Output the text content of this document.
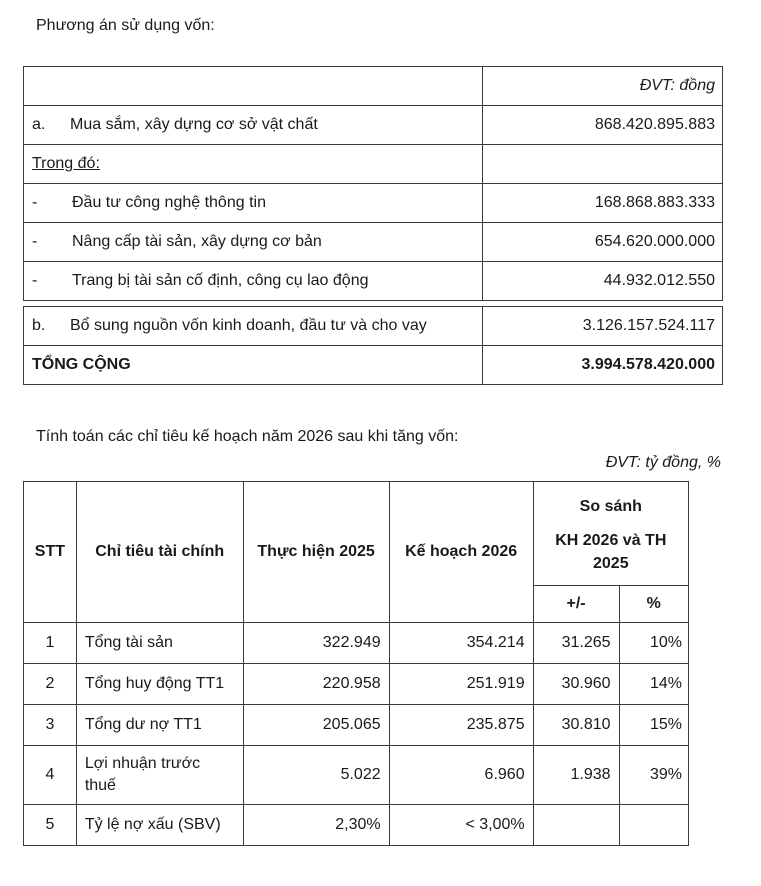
Phương án sử dụng vốn:
	ĐVT: đồng
a. Mua sắm, xây dựng cơ sở vật chất	868.420.895.883
Trong đó:	
- Đầu tư công nghệ thông tin	168.868.883.333
- Nâng cấp tài sản, xây dựng cơ bản	654.620.000.000
- Trang bị tài sản cố định, công cụ lao động	44.932.012.550

b. Bổ sung nguồn vốn kinh doanh, đầu tư và cho vay	3.126.157.524.117
TỔNG CỘNG	3.994.578.420.000
Tính toán các chỉ tiêu kế hoạch năm 2026 sau khi tăng vốn:
ĐVT: tỷ đồng, %
STT	Chỉ tiêu tài chính	Thực hiện 2025	Kế hoạch 2026	So sánh
KH 2026 và TH 2025	

				+/-	%
1	Tổng tài sản	322.949	354.214	31.265	10%
2	Tổng huy động TT1	220.958	251.919	30.960	14%
3	Tổng dư nợ TT1	205.065	235.875	30.810	15%
4	Lợi nhuận trước thuế	5.022	6.960	1.938	39%
5	Tỷ lệ nợ xấu (SBV)	2,30%	< 3,00%		
